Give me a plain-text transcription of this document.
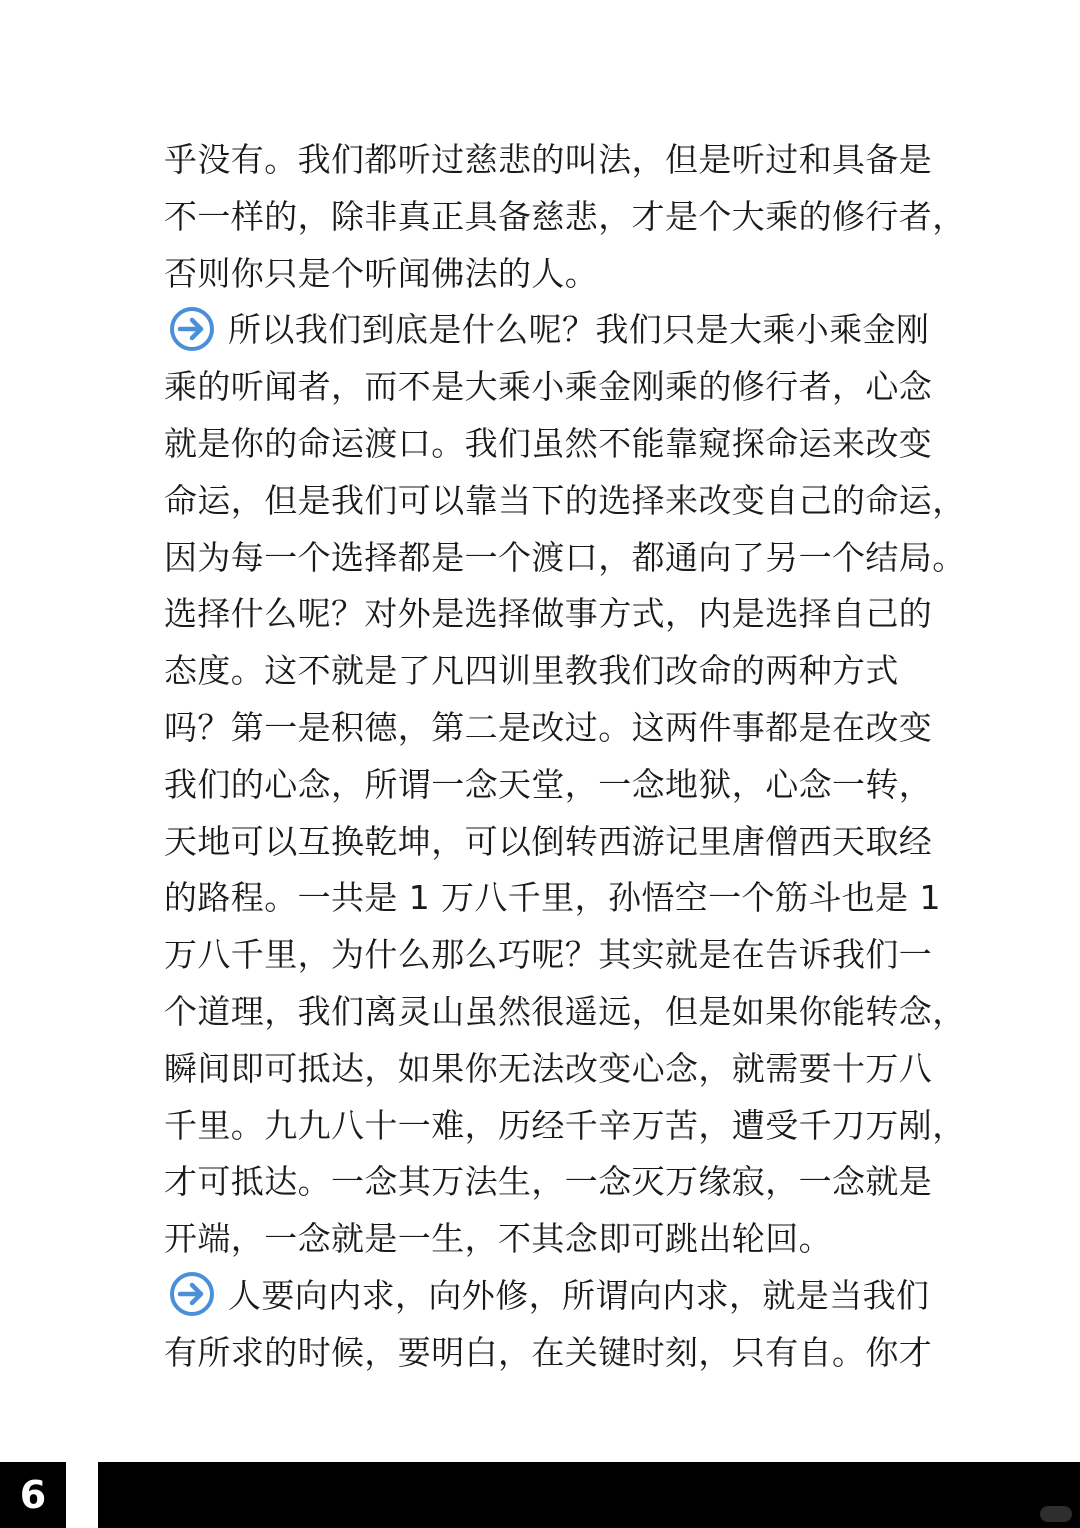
乎没有。我们都听过慈悲的叫法，但是听过和具备是
不一样的，除非真正具备慈悲，才是个大乘的修行者，
否则你只是个听闻佛法的人。
所以我们到底是什么呢？我们只是大乘小乘金刚
乘的听闻者，而不是大乘小乘金刚乘的修行者，心念
就是你的命运渡口。我们虽然不能靠窥探命运来改变
命运，但是我们可以靠当下的选择来改变自己的命运，
因为每一个选择都是一个渡口，都通向了另一个结局。
选择什么呢？对外是选择做事方式，内是选择自己的
态度。这不就是了凡四训里教我们改命的两种方式
吗？第一是积德，第二是改过。这两件事都是在改变
我们的心念，所谓一念天堂，一念地狱，心念一转，
天地可以互换乾坤，可以倒转西游记里唐僧西天取经
的路程。一共是 1 万八千里，孙悟空一个筋斗也是 1
万八千里，为什么那么巧呢？其实就是在告诉我们一
个道理，我们离灵山虽然很遥远，但是如果你能转念，
瞬间即可抵达，如果你无法改变心念，就需要十万八
千里。九九八十一难，历经千辛万苦，遭受千刀万剐，
才可抵达。一念其万法生，一念灭万缘寂，一念就是
开端，一念就是一生，不其念即可跳出轮回。
人要向内求，向外修，所谓向内求，就是当我们
有所求的时候，要明白，在关键时刻，只有自。你才
6
